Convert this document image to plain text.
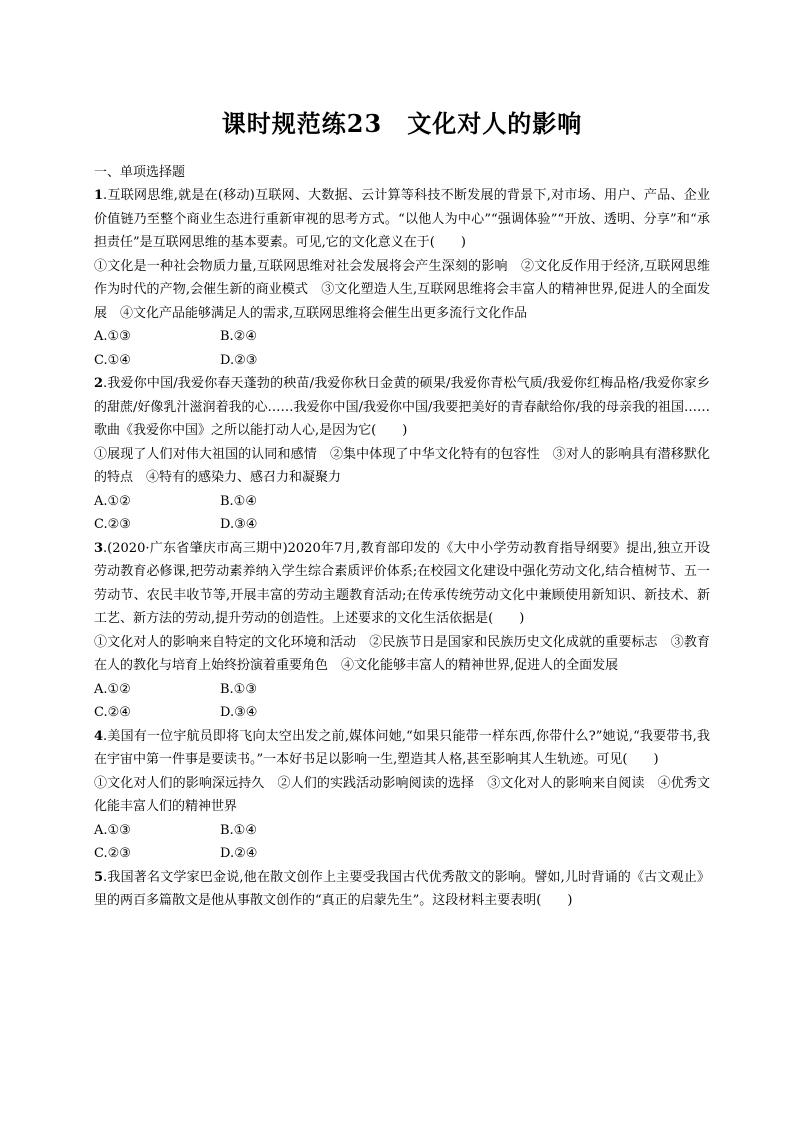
课时规范练23　文化对人的影响
一、单项选择题

1.互联网思维,就是在(移动)互联网、大数据、云计算等科技不断发展的背景下,对市场、用户、产品、企业价值链乃至整个商业生态进行重新审视的思考方式。“以他人为中心”“强调体验”“开放、透明、分享”和“承担责任”是互联网思维的基本要素。可见,它的文化意义在于(　　)

①文化是一种社会物质力量,互联网思维对社会发展将会产生深刻的影响　②文化反作用于经济,互联网思维作为时代的产物,会催生新的商业模式　③文化塑造人生,互联网思维将会丰富人的精神世界,促进人的全面发展　④文化产品能够满足人的需求,互联网思维将会催生出更多流行文化作品

A.①③	B.②④
C.①④	D.②③

2.我爱你中国/我爱你春天蓬勃的秧苗/我爱你秋日金黄的硕果/我爱你青松气质/我爱你红梅品格/我爱你家乡的甜蔗/好像乳汁滋润着我的心……我爱你中国/我爱你中国/我要把美好的青春献给你/我的母亲我的祖国……歌曲《我爱你中国》之所以能打动人心,是因为它(　　)

①展现了人们对伟大祖国的认同和感情　②集中体现了中华文化特有的包容性　③对人的影响具有潜移默化的特点　④特有的感染力、感召力和凝聚力

A.①②	B.①④
C.②③	D.③④

3.(2020·广东省肇庆市高三期中)2020年7月,教育部印发的《大中小学劳动教育指导纲要》提出,独立开设劳动教育必修课,把劳动素养纳入学生综合素质评价体系;在校园文化建设中强化劳动文化,结合植树节、五一劳动节、农民丰收节等,开展丰富的劳动主题教育活动;在传承传统劳动文化中兼顾使用新知识、新技术、新工艺、新方法的劳动,提升劳动的创造性。上述要求的文化生活依据是(　　)

①文化对人的影响来自特定的文化环境和活动　②民族节日是国家和民族历史文化成就的重要标志　③教育在人的教化与培育上始终扮演着重要角色　④文化能够丰富人的精神世界,促进人的全面发展

A.①②	B.①③
C.②④	D.③④

4.美国有一位宇航员即将飞向太空出发之前,媒体问她,“如果只能带一样东西,你带什么?”她说,“我要带书,我在宇宙中第一件事是要读书。”一本好书足以影响一生,塑造其人格,甚至影响其人生轨迹。可见(　　)

①文化对人们的影响深远持久　②人们的实践活动影响阅读的选择　③文化对人的影响来自阅读　④优秀文化能丰富人们的精神世界

A.①③	B.①④
C.②③	D.②④

5.我国著名文学家巴金说,他在散文创作上主要受我国古代优秀散文的影响。譬如,儿时背诵的《古文观止》里的两百多篇散文是他从事散文创作的“真正的启蒙先生”。这段材料主要表明(　　)
